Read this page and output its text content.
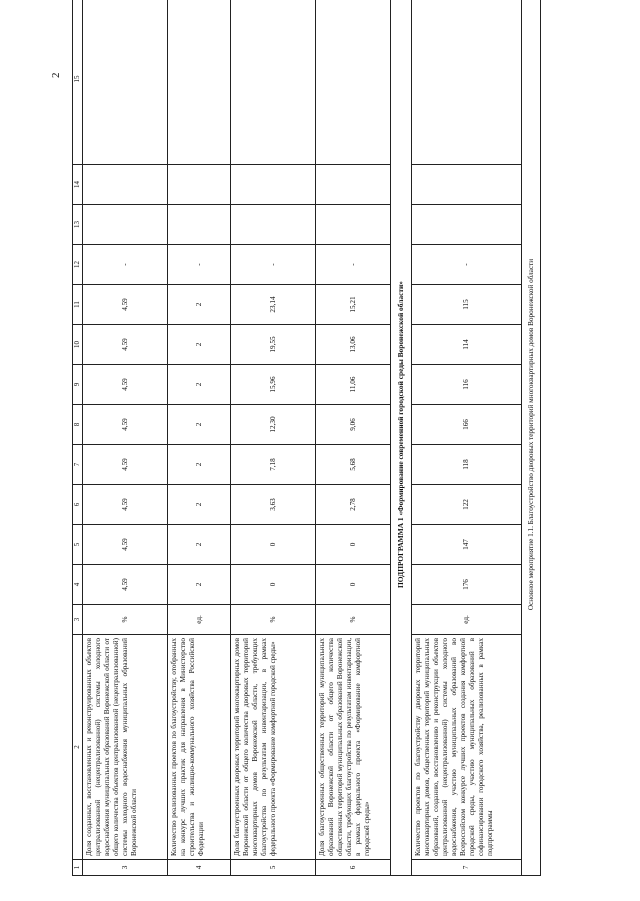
2
1	2	3	4	5	6	7	8	9	10	11	12	13	14	15
3	Доля созданных, восстановленных и реконструированных объектов централизованной (нецентрализованной) системы холодного водоснабжения муниципальных образований Воронежской области от общего количества объектов централизованной (нецентрализованной) системы холодного водоснабжения муниципальных образований Воронежской области	%	4,59	4,59	4,59	4,59	4,59	4,59	4,59	4,59	-			
4	Количество реализованных проектов по благоустройству, отобранных на конкурс лучших практик для направления в Министерство строительства и жилищно-коммунального хозяйства Российской Федерации	ед.	2	2	2	2	2	2	2	2	-			
5	Доля благоустроенных дворовых территорий многоквартирных домов Воронежской области от общего количества дворовых территорий многоквартирных домов Воронежской области, требующих благоустройства по результатам инвентаризации, в рамках федерального проекта «Формирование комфортной городской среды»	%	0	0	3,63	7,18	12,30	15,96	19,55	23,14	-			
6	Доля благоустроенных общественных территорий муниципальных образований Воронежской области от общего количества общественных территорий муниципальных образований Воронежской области, требующих благоустройства по результатам инвентаризации, в рамках федерального проекта «Формирование комфортной городской среды»	%	0	0	2,78	5,68	9,06	11,06	13,06	15,21	-			
ПОДПРОГРАММА 1 «Формирование современной городской среды Воронежской области»														
7	Количество проектов по благоустройству дворовых территорий многоквартирных домов, общественных территорий муниципальных образований, созданию, восстановлению и реконструкции объектов централизованной (нецентрализованной) системы холодного водоснабжения, участию муниципальных образований во Всероссийском конкурсе лучших проектов создания комфортной городской среды, участию муниципальных образований в софинансировании городского хозяйства, реализованных в рамках подпрограммы	ед.	176	147	122	118	166	116	114	115	-			
Основное мероприятие 1.1. Благоустройство дворовых территорий многоквартирных домов Воронежской области														
